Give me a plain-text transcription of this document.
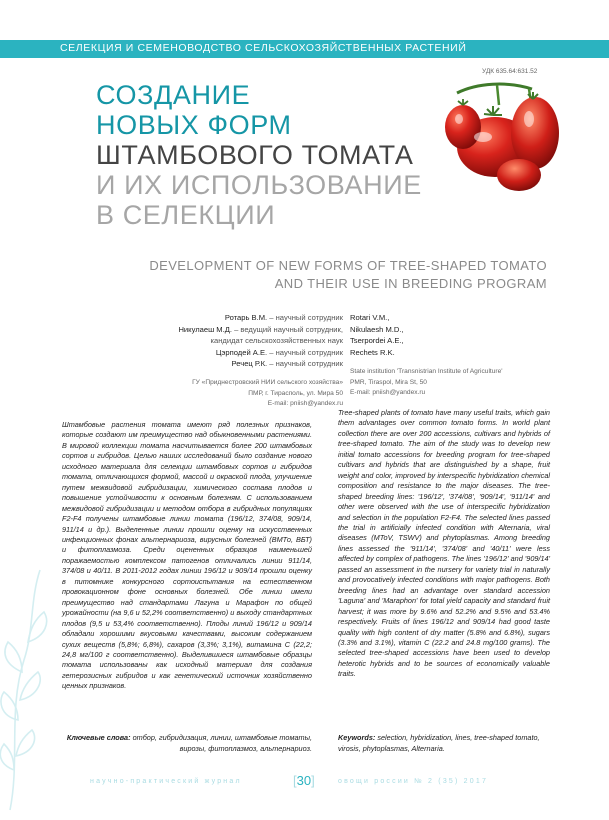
СЕЛЕКЦИЯ И СЕМЕНОВОДСТВО СЕЛЬСКОХОЗЯЙСТВЕННЫХ РАСТЕНИЙ
УДК 635.64:631.52
СОЗДАНИЕ
НОВЫХ ФОРМ
ШТАМБОВОГО ТОМАТА
И ИХ ИСПОЛЬЗОВАНИЕ
В СЕЛЕКЦИИ
DEVELOPMENT OF NEW FORMS OF TREE-SHAPED TOMATO
AND THEIR USE IN BREEDING PROGRAM
Ротарь В.М. – научный сотрудник
Никулаеш М.Д. – ведущий научный сотрудник,
кандидат сельскохозяйственных наук
Цэрподей А.Е. – научный сотрудник
Речец Р.К. – научный сотрудник
Rotari V.M.,
Nikulaesh M.D.,
Tserpordei A.E.,
Rechets R.K.
ГУ «Приднестровский НИИ сельского хозяйства»
ПМР, г. Тирасполь, ул. Мира 50
E-mail: pniish@yandex.ru
State institution 'Transnistrian Institute of Agriculture'
PMR, Tiraspol, Mira St, 50
E-mail: pniish@yandex.ru
Штамбовые растения томата имеют ряд полезных признаков, которые создают им преимущество над обыкновенными растениями. В мировой коллекции томата насчитывается более 200 штамбовых сортов и гибридов. Целью наших исследований было создание нового исходного материала для селекции штамбовых сортов и гибридов томата, отличающихся формой, массой и окраской плода, улучшение путем межвидовой гибридизации, химического состава плодов и повышение устойчивости к основным болезням. С использованием межвидовой гибридизации и методом отбора в гибридных популяциях F2-F4 получены штамбовые линии томата (196/12, 374/08, 909/14, 911/14 и др.). Выделенные линии прошли оценку на искусственных инфекционных фонах альтернариоза, вирусных болезней (ВМТо, ВБТ) и фитоплазмоза. Среди оцененных образцов наименьшей поражаемостью комплексом патогенов отличались линии 911/14, 374/08 и 40/11. В 2011-2012 годах линии 196/12 и 909/14 прошли оценку в питомнике конкурсного сортоиспытания на естественном провокационном фоне основных болезней. Обе линии имели преимущество над стандартами Лагуна и Марафон по общей урожайности (на 9,6 и 52,2% соответственно) и выходу стандартных плодов (9,5 и 53,4% соответственно). Плоды линий 196/12 и 909/14 обладали хорошими вкусовыми качествами, высоким содержанием сухих веществ (5,8%; 6,8%), сахаров (3,3%; 3,1%), витамина С (22,2; 24,8 мг/100 г соответственно). Выделившиеся штамбовые образцы томата использованы как исходный материал для создания гетерозисных гибридов и как генетический источник хозяйственно ценных признаков.
Tree-shaped plants of tomato have many useful traits, which gain them advantages over common tomato forms. In world plant collection there are over 200 accessions, cultivars and hybrids of tree-shaped tomato. The aim of the study was to develop new initial tomato accessions for breeding program for tree-shaped cultivars and hybrids that are distinguished by a shape, fruit weight and color, improved by interspecific hybridization chemical composition and resistance to the major diseases. The tree-shaped breeding lines: '196/12', '374/08', '909/14', '911/14' and other were observed with the use of interspecific hybridization and selection in the population F2-F4. The selected lines passed the trial in artificially infected condition with Alternaria, viral diseases (MToV, TSWV) and phytoplasmas. Among breeding lines assessed the '911/14', '374/08' and '40/11' were less affected by complex of pathogens. The lines '196/12' and '909/14' passed an assessment in the nursery for variety trial in naturally and provocatively infected conditions with major pathogens. Both breeding lines had an advantage over standard accession 'Laguna' and 'Maraphon' for total yield capacity and standard fruit harvest; it was more by 9.6% and 52.2% and 9.5% and 53.4% respectively. Fruits of lines 196/12 and 909/14 had good taste quality with high content of dry matter (5.8% and 6.8%), sugars (3.3% and 3.1%), vitamin C (22.2 and 24.8 mg/100 grams). The selected tree-shaped accessions have been used to develop heterotic hybrids and to be sources of economically valuable traits.
Ключевые слова: отбор, гибридизация, линии, штамбовые томаты, вирозы, фитоплазмоз, альтернариоз.
Keywords: selection, hybridization, lines, tree-shaped tomato, virosis, phytoplasmas, Alternaria.
научно-практический журнал	[30]	овощи россии № 2 (35) 2017
